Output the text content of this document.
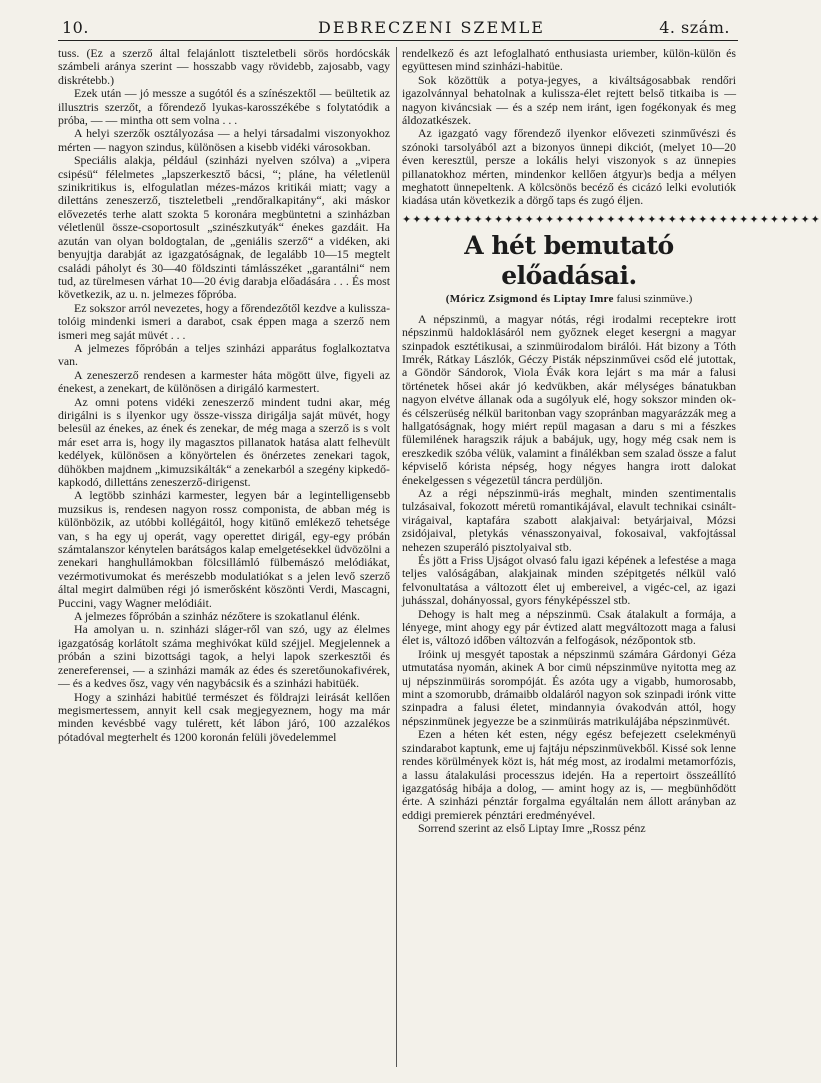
10.	DEBRECZENI SZEMLE	4. szám.

tuss. (Ez a szerző által felajánlott tiszteletbeli sörös hordócskák számbeli aránya szerint — hosszabb vagy rövidebb, zajosabb, vagy diskrétebb.)

Ezek után — jó messze a sugótól és a színészektől — beültetik az illusztris szerzőt, a főrendező lyukas-karosszékébe s folytatódik a próba, — — mintha ott sem volna . . .

A helyi szerzők osztályozása — a helyi társadalmi viszonyokhoz mérten — nagyon szindus, különösen a kisebb vidéki városokban.

Speciális alakja, például (szinházi nyelven szólva) a „vipera csipésü“ félelmetes „lapszerkesztő bácsi, “; pláne, ha véletlenül szinikritikus is, elfogulatlan mézes-mázos kritikái miatt; vagy a dilettáns zeneszerző, tiszteletbeli „rendőralkapitány“, aki máskor elővezetés terhe alatt szokta 5 koronára megbüntetni a szinházban véletlenül össze-csoportosult „szinészkutyák“ énekes gazdáit. Ha azután van olyan boldogtalan, de „geniális szerző“ a vidéken, aki benyujtja darabját az igazgatóságnak, de legalább 10—15 megtelt családi páholyt és 30—40 földszinti támlásszéket „garantálni“ nem tud, az türelmesen várhat 10—20 évig darabja előadására . . . És most következik, az u. n. jelmezes főpróba.

Ez sokszor arról nevezetes, hogy a főrendezőtől kezdve a kulissza-tolóig mindenki ismeri a darabot, csak éppen maga a szerző nem ismeri meg saját müvét . . .

A jelmezes főpróbán a teljes szinházi apparátus foglalkoztatva van.

A zeneszerző rendesen a karmester háta mögött ülve, figyeli az énekest, a zenekart, de különösen a dirigáló karmestert.

Az omni potens vidéki zeneszerző mindent tudni akar, még dirigálni is s ilyenkor ugy össze-vissza dirigálja saját müvét, hogy belesül az énekes, az ének és zenekar, de még maga a szerző is s volt már eset arra is, hogy ily magasztos pillanatok hatása alatt felhevült kedélyek, különösen a könyörtelen és önérzetes zenekari tagok, dühökben majdnem „kimuzsikálták“ a zenekarból a szegény kipkedő-kapkodó, dillettáns zeneszerző-dirigenst.

A legtöbb szinházi karmester, legyen bár a legintelligensebb muzsikus is, rendesen nagyon rossz componista, de abban még is különbözik, az utóbbi kollégáitól, hogy kitünő emlékező tehetsége van, s ha egy uj operát, vagy operettet dirigál, egy-egy próbán számtalanszor kénytelen barátságos kalap emelgetésekkel üdvözölni a zenekari hanghullámokban fölcsillámló fülbemászó melódiákat, vezérmotivumokat és merészebb modulatiókat s a jelen levő szerző által megirt dalmüben régi jó ismerősként köszönti Verdi, Mascagni, Puccini, vagy Wagner melódiáit.

A jelmezes főpróbán a szinház nézőtere is szokatlanul élénk.

Ha amolyan u. n. szinházi sláger-ről van szó, ugy az élelmes igazgatóság korlátolt száma meghivókat küld széjjel. Megjelennek a próbán a szini bizottsági tagok, a helyi lapok szerkesztői és zenereferensei, — a szinházi mamák az édes és szeretőunokafivérek, — és a kedves ősz, vagy vén nagybácsik és a szinházi habitüék.

Hogy a szinházi habitüé természet és földrajzi leirását kellően megismertessem, annyit kell csak megjegyeznem, hogy ma már minden kevésbbé vagy tulérett, két lábon járó, 100 azzalékos pótadóval megterhelt és 1200 koronán felüli jövedelemmel

rendelkező és azt lefoglalható enthusiasta uriember, külön-külön és együttesen mind szinházi-habitüe.

Sok közöttük a potya-jegyes, a kiváltságosabbak rendőri igazolvánnyal behatolnak a kulissza-élet rejtett belső titkaiba is — nagyon kiváncsiak — és a szép nem iránt, igen fogékonyak és meg áldozatkészek.

Az igazgató vagy főrendező ilyenkor elővezeti szinművészi és szónoki tarsolyából azt a bizonyos ünnepi dikciót, (melyet 10—20 éven keresztül, persze a lokális helyi viszonyok s az ünnepies pillanatokhoz mérten, mindenkor kellően átgyur)s bedja a mélyen meghatott ünnepeltenk. A kölcsönös becéző és cicázó lelki evolutiók kiadása után következik a dörgő taps és zugó éljen.

✦✦✦✦✦✦✦✦✦✦✦✦✦✦✦✦✦✦✦✦✦✦✦✦✦✦✦✦✦✦✦✦✦✦✦✦✦✦✦✦✦
A hét bemutató előadásai.
(Móricz Zsigmond és Liptay Imre falusi szinmüve.)

A népszinmü, a magyar nótás, régi irodalmi receptekre irott népszinmü haldoklásáról nem győznek eleget kesergni a magyar szinpadok esztétikusai, a szinmüirodalom birálói. Hát bizony a Tóth Imrék, Rátkay Lászlók, Géczy Pisták népszinművei csőd elé jutottak, a Göndör Sándorok, Viola Évák kora lejárt s ma már a falusi történetek hősei akár jó kedvükben, akár mélységes bánatukban nagyon elvétve állanak oda a sugólyuk elé, hogy sokszor minden ok- és célszerüség nélkül baritonban vagy szopránban magyarázzák meg a hallgatóságnak, hogy miért repül magasan a daru s mi a fészkes fülemilének haragszik rájuk a babájuk, ugy, hogy még csak nem is ereszkedik szóba vélük, valamint a finálékban sem szalad össze a falut képviselő kórista népség, hogy négyes hangra irott dalokat énekelgessen s végezetül táncra perdüljön.

Az a régi népszinmü-irás meghalt, minden szentimentalis tulzásaival, fokozott méretü romantikájával, elavult technikai csinált-virágaival, kaptafára szabott alakjaival: betyárjaival, Mózsi zsidójaival, pletykás vénasszonyaival, fokosaival, vakfojtással nehezen szuperáló pisztolyaival stb.

És jött a Friss Ujságot olvasó falu igazi képének a lefestése a maga teljes valóságában, alakjainak minden szépitgetés nélkül való felvonultatása a változott élet uj embereivel, a vigéc-cel, az igazi juhásszal, dohányossal, gyors fényképésszel stb.

Dehogy is halt meg a népszinmü. Csak átalakult a formája, a lényege, mint ahogy egy pár évtized alatt megváltozott maga a falusi élet is, változó időben változván a felfogások, nézőpontok stb.

Iróink uj mesgyét tapostak a népszinmü számára Gárdonyi Géza utmutatása nyomán, akinek A bor cimü népszinmüve nyitotta meg az uj népszinmüirás sorompóját. És azóta ugy a vigabb, humorosabb, mint a szomorubb, drámaibb oldaláról nagyon sok szinpadi irónk vitte szinpadra a falusi életet, mindannyia óvakodván attól, hogy népszinmünek jegyezze be a szinmüirás matrikulájába népszinmüvét.

Ezen a héten két esten, négy egész befejezett cselekményü szindarabot kaptunk, eme uj fajtáju népszinmüvekből. Kissé sok lenne rendes körülmények közt is, hát még most, az irodalmi metamorfózis, a lassu átalakulási processzus idején. Ha a repertoirt összeállító igazgatóság hibája a dolog, — amint hogy az is, — megbünhődött érte. A szinházi pénztár forgalma egyáltalán nem állott arányban az eddigi premierek pénztári eredményével.

Sorrend szerint az első Liptay Imre „Rossz pénz
